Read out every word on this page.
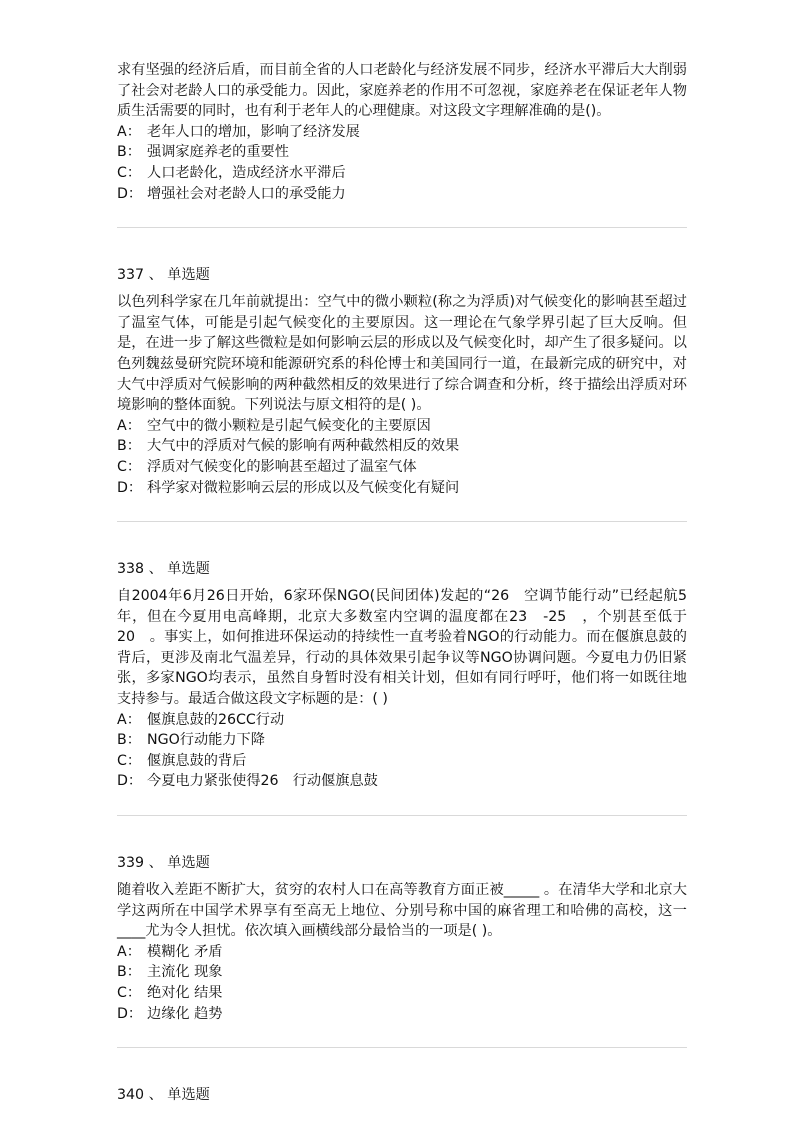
求有坚强的经济后盾，而目前全省的人口老龄化与经济发展不同步，经济水平滞后大大削弱了社会对老龄人口的承受能力。因此，家庭养老的作用不可忽视，家庭养老在保证老年人物质生活需要的同时，也有利于老年人的心理健康。对这段文字理解准确的是()。

A： 老年人口的增加，影响了经济发展

B： 强调家庭养老的重要性

C： 人口老龄化，造成经济水平滞后

D： 增强社会对老龄人口的承受能力

337 、 单选题

以色列科学家在几年前就提出：空气中的微小颗粒(称之为浮质)对气候变化的影响甚至超过了温室气体，可能是引起气候变化的主要原因。这一理论在气象学界引起了巨大反响。但是，在进一步了解这些微粒是如何影响云层的形成以及气候变化时，却产生了很多疑问。以色列魏兹曼研究院环境和能源研究系的科伦博士和美国同行一道，在最新完成的研究中，对大气中浮质对气候影响的两种截然相反的效果进行了综合调查和分析，终于描绘出浮质对环境影响的整体面貌。下列说法与原文相符的是( )。

A： 空气中的微小颗粒是引起气候变化的主要原因

B： 大气中的浮质对气候的影响有两种截然相反的效果

C： 浮质对气候变化的影响甚至超过了温室气体

D： 科学家对微粒影响云层的形成以及气候变化有疑问

338 、 单选题

自2004年6月26日开始，6家环保NGO(民间团体)发起的“26　空调节能行动”已经起航5年，但在今夏用电高峰期，北京大多数室内空调的温度都在23　-25　，个别甚至低于20　。事实上，如何推进环保运动的持续性一直考验着NGO的行动能力。而在偃旗息鼓的背后，更涉及南北气温差异，行动的具体效果引起争议等NGO协调问题。今夏电力仍旧紧张，多家NGO均表示，虽然自身暂时没有相关计划，但如有同行呼吁，他们将一如既往地支持参与。最适合做这段文字标题的是：( )

A： 偃旗息鼓的26CC行动

B： NGO行动能力下降

C： 偃旗息鼓的背后

D： 今夏电力紧张使得26　行动偃旗息鼓

339 、 单选题

随着收入差距不断扩大，贫穷的农村人口在高等教育方面正被_____ 。在清华大学和北京大学这两所在中国学术界享有至高无上地位、分别号称中国的麻省理工和哈佛的高校，这一____尤为令人担忧。依次填入画横线部分最恰当的一项是( )。

A： 模糊化 矛盾

B： 主流化 现象

C： 绝对化 结果

D： 边缘化 趋势

340 、 单选题
